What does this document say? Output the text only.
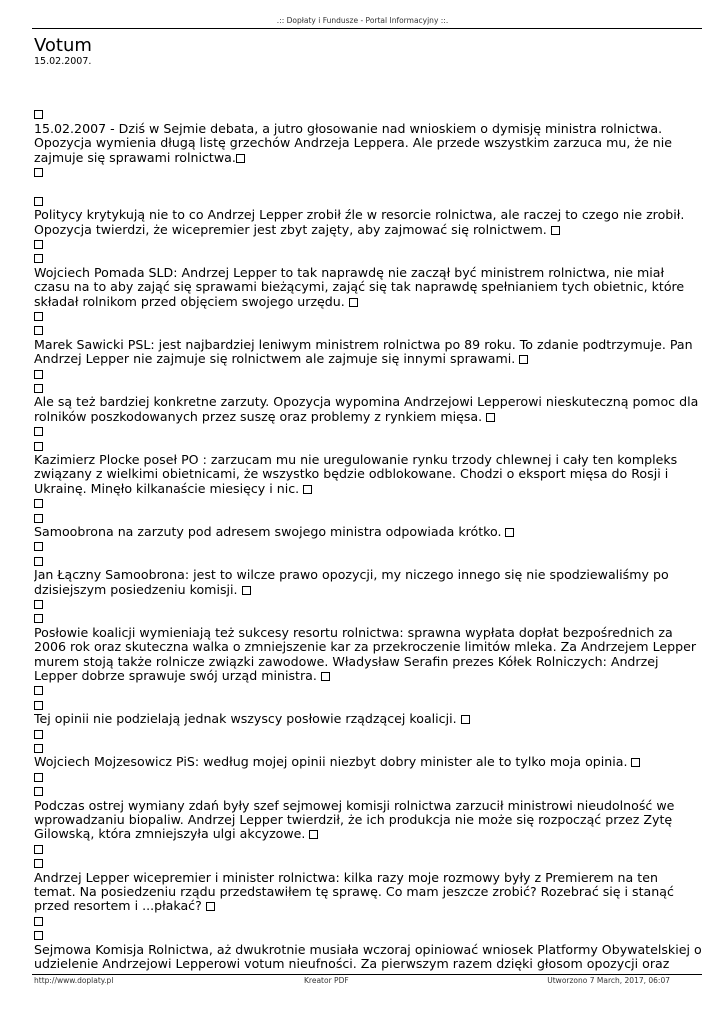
.:: Dopłaty i Fundusze - Portal Informacyjny ::.
Votum
15.02.2007.
15.02.2007 - Dziś w Sejmie debata, a jutro głosowanie nad wnioskiem o dymisję ministra rolnictwa. Opozycja wymienia długą listę grzechów Andrzeja Leppera. Ale przede wszystkim zarzuca mu, że nie zajmuje się sprawami rolnictwa.
Politycy krytykują nie to co Andrzej Lepper zrobił źle w resorcie rolnictwa, ale raczej to czego nie zrobił. Opozycja twierdzi, że wicepremier jest zbyt zajęty, aby zajmować się rolnictwem.
Wojciech Pomada SLD: Andrzej Lepper to tak naprawdę nie zaczął być ministrem rolnictwa, nie miał czasu na to aby zająć się sprawami bieżącymi, zająć się tak naprawdę spełnianiem tych obietnic, które składał rolnikom przed objęciem swojego urzędu.
Marek Sawicki PSL: jest najbardziej leniwym ministrem rolnictwa po 89 roku. To zdanie podtrzymuje. Pan Andrzej Lepper nie zajmuje się rolnictwem ale zajmuje się innymi sprawami.
Ale są też bardziej konkretne zarzuty. Opozycja wypomina Andrzejowi Lepperowi nieskuteczną pomoc dla rolników poszkodowanych przez suszę oraz problemy z rynkiem mięsa.
Kazimierz Plocke poseł PO : zarzucam mu nie uregulowanie rynku trzody chlewnej i cały ten kompleks związany z wielkimi obietnicami, że wszystko będzie odblokowane. Chodzi o eksport mięsa do Rosji i Ukrainę. Minęło kilkanaście miesięcy i nic.
Samoobrona na zarzuty pod adresem swojego ministra odpowiada krótko.
Jan Łączny Samoobrona: jest to wilcze prawo opozycji, my niczego innego się nie spodziewaliśmy po dzisiejszym posiedzeniu komisji.
Posłowie koalicji wymieniają też sukcesy resortu rolnictwa: sprawna wypłata dopłat bezpośrednich za 2006 rok oraz skuteczna walka o zmniejszenie kar za przekroczenie limitów mleka. Za Andrzejem Lepper murem stoją także rolnicze związki zawodowe. Władysław Serafin prezes Kółek Rolniczych: Andrzej Lepper dobrze sprawuje swój urząd ministra.
Tej opinii nie podzielają jednak wszyscy posłowie rządzącej koalicji.
Wojciech Mojzesowicz PiS: według mojej opinii niezbyt dobry minister ale to tylko moja opinia.
Podczas ostrej wymiany zdań były szef sejmowej komisji rolnictwa zarzucił ministrowi nieudolność we wprowadzaniu biopaliw. Andrzej Lepper twierdził, że ich produkcja nie może się rozpocząć przez Zytę Gilowską, która zmniejszyła ulgi akcyzowe.
Andrzej Lepper wicepremier i minister rolnictwa: kilka razy moje rozmowy były z Premierem na ten temat. Na posiedzeniu rządu przedstawiłem tę sprawę. Co mam jeszcze zrobić? Rozebrać się i stanąć przed resortem i ...płakać?
Sejmowa Komisja Rolnictwa, aż dwukrotnie musiała wczoraj opiniować wniosek Platformy Obywatelskiej o udzielenie Andrzejowi Lepperowi votum nieufności. Za pierwszym razem dzięki głosom opozycji oraz
http://www.doplaty.pl	Kreator PDF	Utworzono 7 March, 2017, 06:07
